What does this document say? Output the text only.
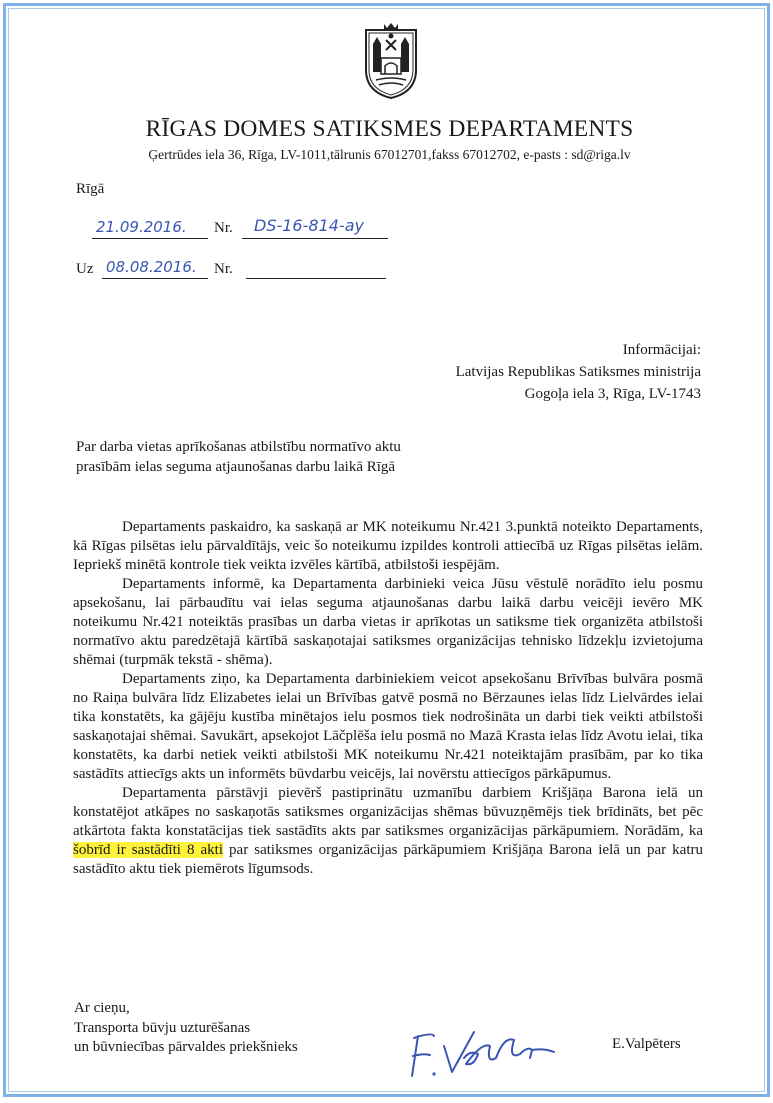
RĪGAS DOMES SATIKSMES DEPARTAMENTS
Ģertrūdes iela 36, Rīga, LV-1011,tālrunis 67012701,fakss 67012702, e-pasts : sd@riga.lv
Rīgā
21.09.2016. Nr. DS-16-814-ay
Uz 08.08.2016. Nr.
Informācijai:
Latvijas Republikas Satiksmes ministrija
Gogoļa iela 3, Rīga, LV-1743
Par darba vietas aprīkošanas atbilstību normatīvo aktu
prasībām ielas seguma atjaunošanas darbu laikā Rīgā

Departaments paskaidro, ka saskaņā ar MK noteikumu Nr.421 3.punktā noteikto Departaments, kā Rīgas pilsētas ielu pārvaldītājs, veic šo noteikumu izpildes kontroli attiecībā uz Rīgas pilsētas ielām. Iepriekš minētā kontrole tiek veikta izvēles kārtībā, atbilstoši iespējām.

Departaments informē, ka Departamenta darbinieki veica Jūsu vēstulē norādīto ielu posmu apsekošanu, lai pārbaudītu vai ielas seguma atjaunošanas darbu laikā darbu veicēji ievēro MK noteikumu Nr.421 noteiktās prasības un darba vietas ir aprīkotas un satiksme tiek organizēta atbilstoši normatīvo aktu paredzētajā kārtībā saskaņotajai satiksmes organizācijas tehnisko līdzekļu izvietojuma shēmai (turpmāk tekstā - shēma).

Departaments ziņo, ka Departamenta darbiniekiem veicot apsekošanu Brīvības bulvāra posmā no Raiņa bulvāra līdz Elizabetes ielai un Brīvības gatvē posmā no Bērzaunes ielas līdz Lielvārdes ielai tika konstatēts, ka gājēju kustība minētajos ielu posmos tiek nodrošināta un darbi tiek veikti atbilstoši saskaņotajai shēmai. Savukārt, apsekojot Lāčplēša ielu posmā no Mazā Krasta ielas līdz Avotu ielai, tika konstatēts, ka darbi netiek veikti atbilstoši MK noteikumu Nr.421 noteiktajām prasībām, par ko tika sastādīts attiecīgs akts un informēts būvdarbu veicējs, lai novērstu attiecīgos pārkāpumus.

Departamenta pārstāvji pievērš pastiprinātu uzmanību darbiem Krišjāņa Barona ielā un konstatējot atkāpes no saskaņotās satiksmes organizācijas shēmas būvuzņēmējs tiek brīdināts, bet pēc atkārtota fakta konstatācijas tiek sastādīts akts par satiksmes organizācijas pārkāpumiem. Norādām, ka šobrīd ir sastādīti 8 akti par satiksmes organizācijas pārkāpumiem Krišjāņa Barona ielā un par katru sastādīto aktu tiek piemērots līgumsods.

Ar cieņu,
Transporta būvju uzturēšanas
un būvniecības pārvaldes priekšnieks	E.Valpēters
